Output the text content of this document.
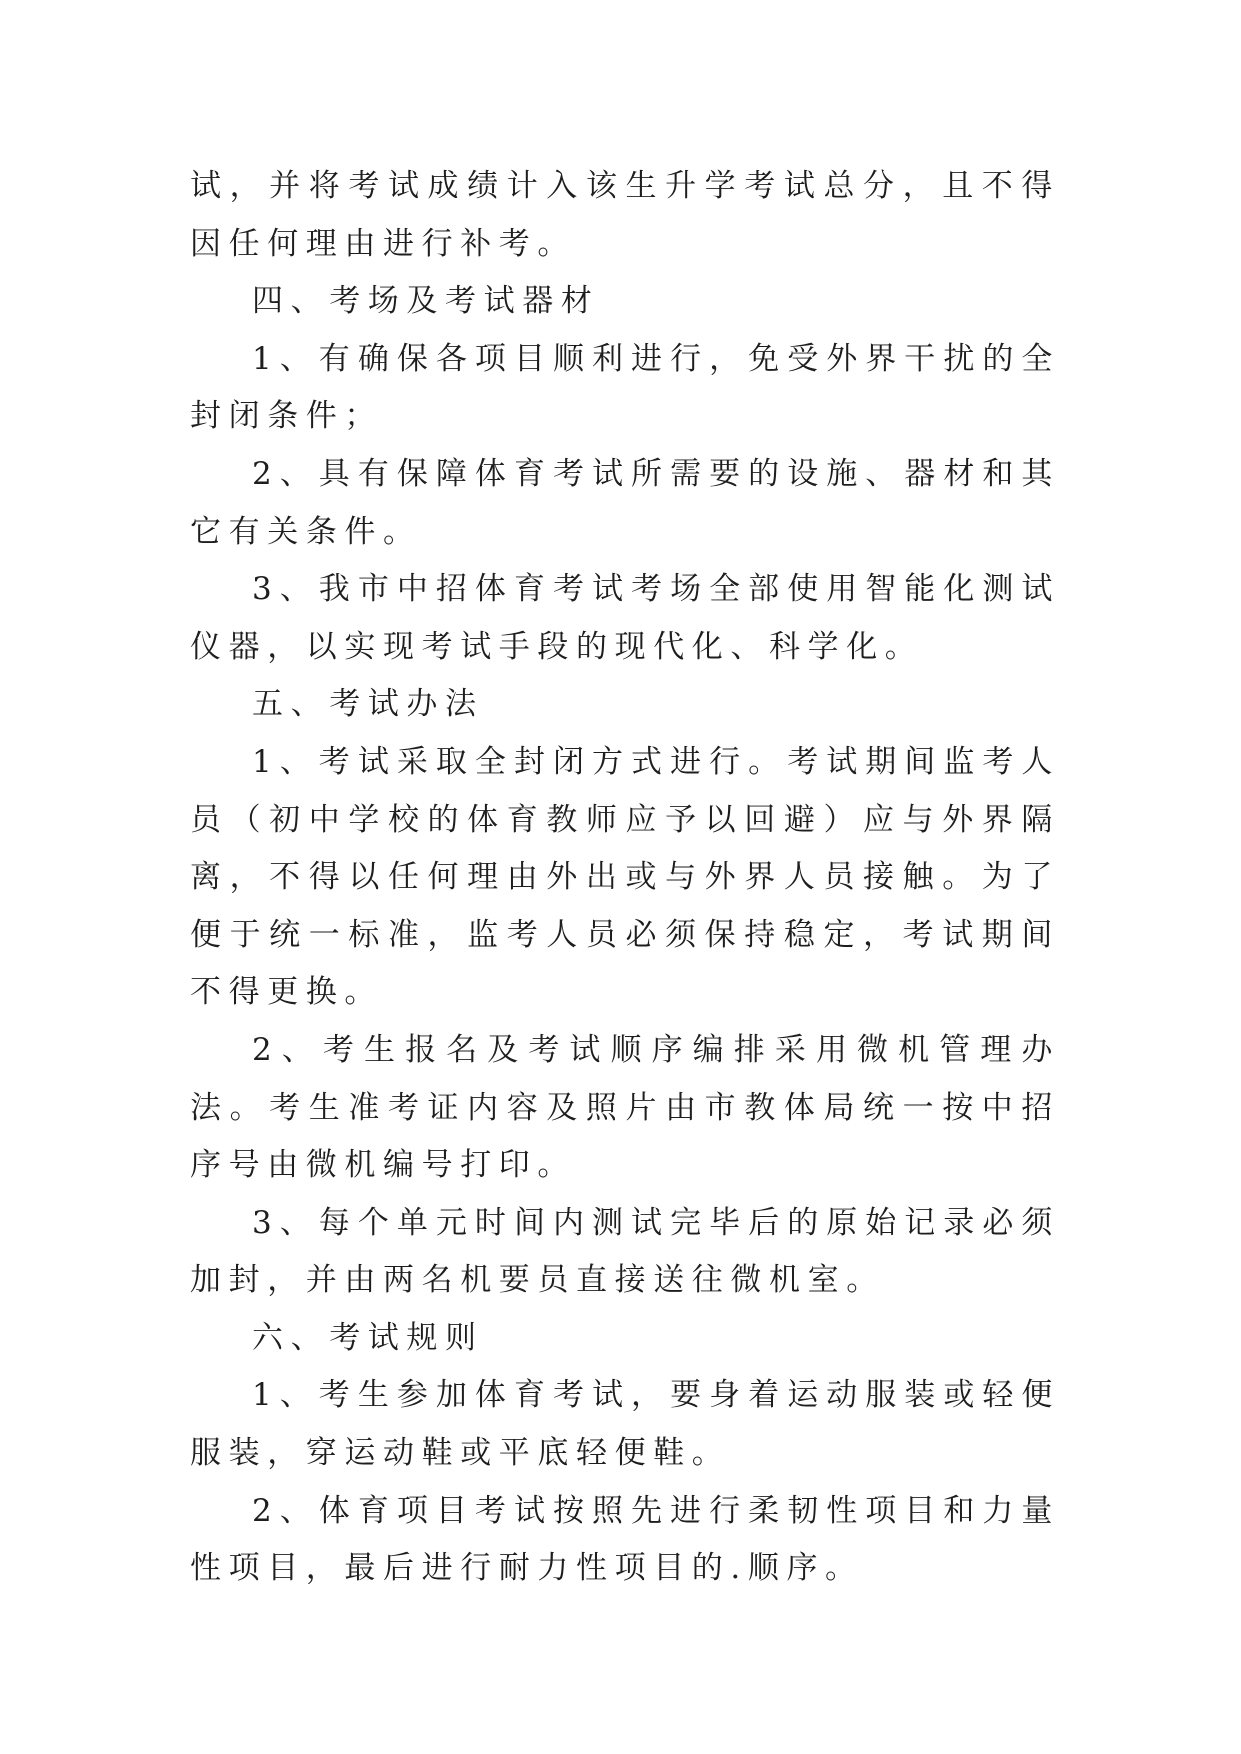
试，并将考试成绩计入该生升学考试总分，且不得因任何理由进行补考。

四、考场及考试器材

1、有确保各项目顺利进行，免受外界干扰的全封闭条件；

2、具有保障体育考试所需要的设施、器材和其它有关条件。

3、我市中招体育考试考场全部使用智能化测试仪器，以实现考试手段的现代化、科学化。

五、考试办法

1、考试采取全封闭方式进行。考试期间监考人员（初中学校的体育教师应予以回避）应与外界隔离，不得以任何理由外出或与外界人员接触。为了便于统一标准，监考人员必须保持稳定，考试期间不得更换。

2、考生报名及考试顺序编排采用微机管理办法。考生准考证内容及照片由市教体局统一按中招序号由微机编号打印。

3、每个单元时间内测试完毕后的原始记录必须加封，并由两名机要员直接送往微机室。

六、考试规则

1、考生参加体育考试，要身着运动服装或轻便服装，穿运动鞋或平底轻便鞋。

2、体育项目考试按照先进行柔韧性项目和力量性项目，最后进行耐力性项目的.顺序。
